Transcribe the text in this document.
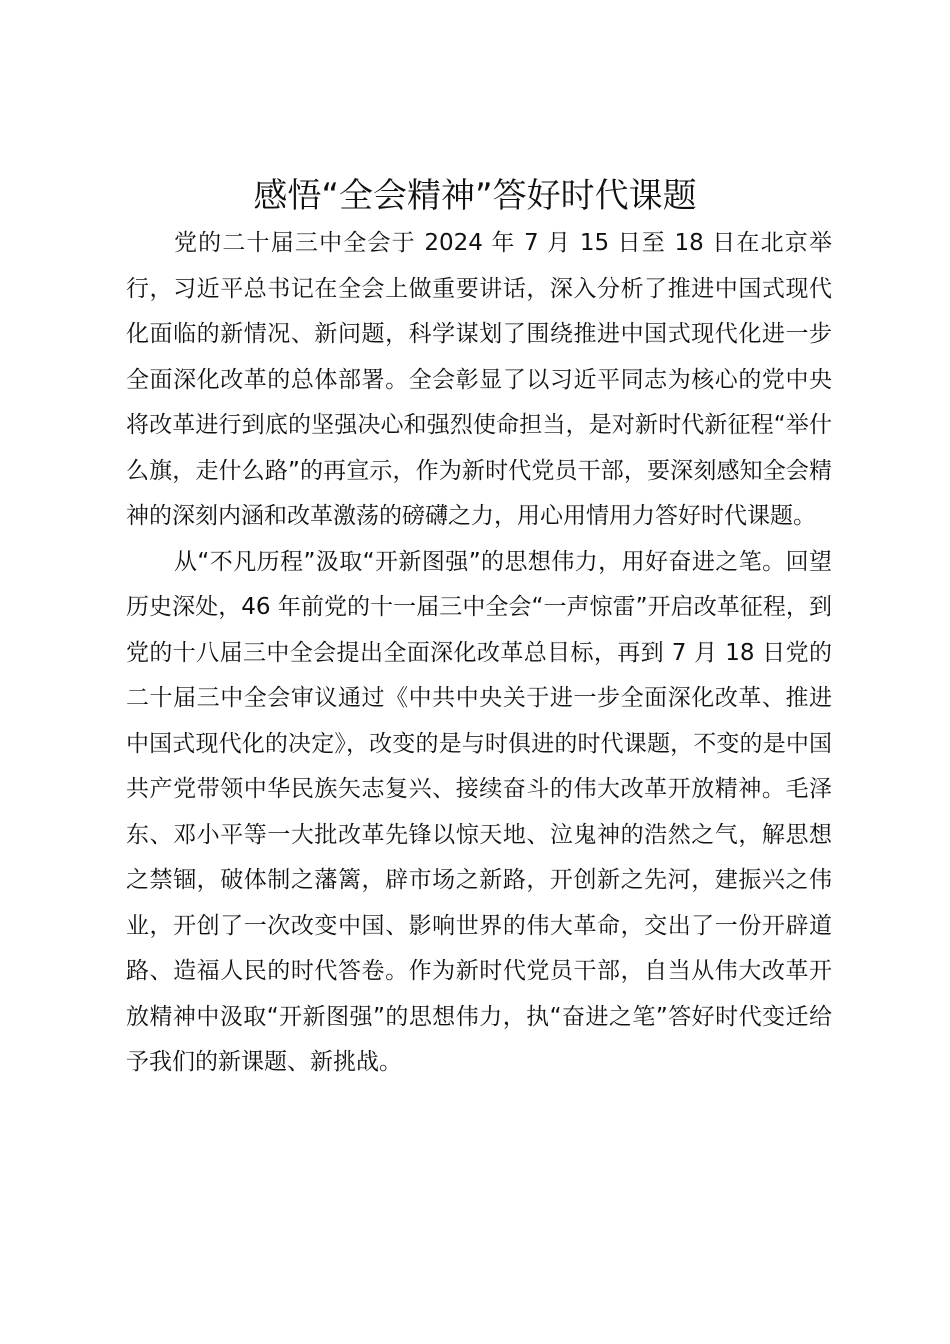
感悟“全会精神”答好时代课题

党的二十届三中全会于 2024 年 7 月 15 日至 18 日在北京举行，习近平总书记在全会上做重要讲话，深入分析了推进中国式现代化面临的新情况、新问题，科学谋划了围绕推进中国式现代化进一步全面深化改革的总体部署。全会彰显了以习近平同志为核心的党中央将改革进行到底的坚强决心和强烈使命担当，是对新时代新征程“举什么旗，走什么路”的再宣示，作为新时代党员干部，要深刻感知全会精神的深刻内涵和改革激荡的磅礴之力，用心用情用力答好时代课题。

从“不凡历程”汲取“开新图强”的思想伟力，用好奋进之笔。回望历史深处，46 年前党的十一届三中全会“一声惊雷”开启改革征程，到党的十八届三中全会提出全面深化改革总目标，再到 7 月 18 日党的二十届三中全会审议通过《中共中央关于进一步全面深化改革、推进中国式现代化的决定》，改变的是与时俱进的时代课题，不变的是中国共产党带领中华民族矢志复兴、接续奋斗的伟大改革开放精神。毛泽东、邓小平等一大批改革先锋以惊天地、泣鬼神的浩然之气，解思想之禁锢，破体制之藩篱，辟市场之新路，开创新之先河，建振兴之伟业，开创了一次改变中国、影响世界的伟大革命，交出了一份开辟道路、造福人民的时代答卷。作为新时代党员干部，自当从伟大改革开放精神中汲取“开新图强”的思想伟力，执“奋进之笔”答好时代变迁给予我们的新课题、新挑战。
